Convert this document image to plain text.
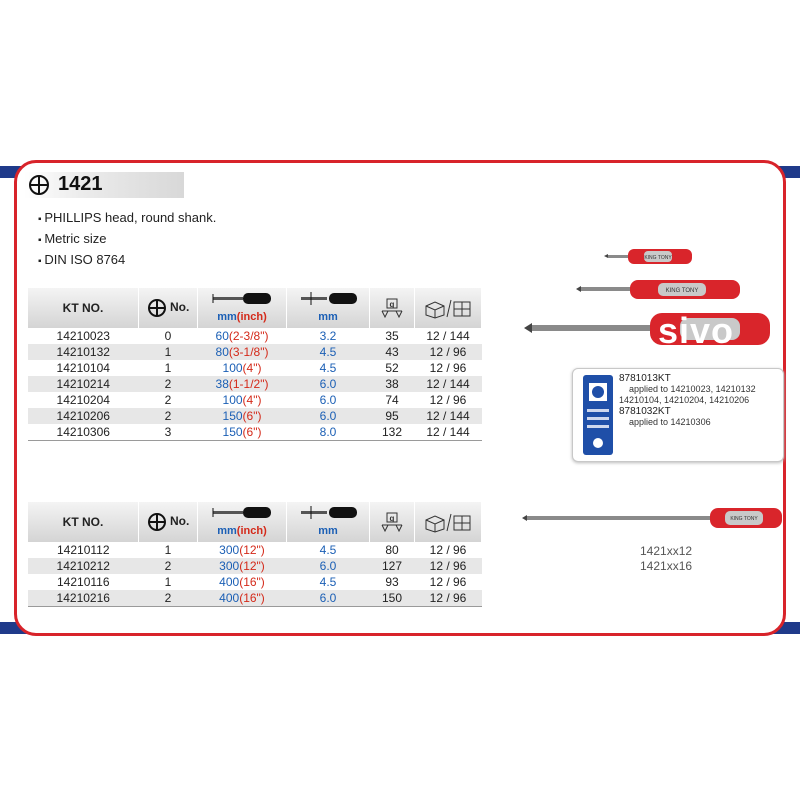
1421
▪ PHILLIPS head, round shank.
▪ Metric size
▪ DIN ISO 8764
KT NO.	No.	mm(inch)	mm	g

14210023	0	60(2-3/8")	3.2	35	12 / 144
14210132	1	80(3-1/8")	4.5	43	12 / 96
14210104	1	100(4")	4.5	52	12 / 96
14210214	2	38(1-1/2")	6.0	38	12 / 144
14210204	2	100(4")	6.0	74	12 / 96
14210206	2	150(6")	6.0	95	12 / 144
14210306	3	150(6")	8.0	132	12 / 144
KT NO.	No.	mm(inch)	mm	g

14210112	1	300(12")	4.5	80	12 / 96
14210212	2	300(12")	6.0	127	12 / 96
14210116	1	400(16")	4.5	93	12 / 96
14210216	2	400(16")	6.0	150	12 / 96
KING TONY
KING TONY
sivo
8781013KT
applied to 14210023, 14210132
14210104, 14210204, 14210206
8781032KT
applied to 14210306
KING TONY
1421xx12
1421xx16
